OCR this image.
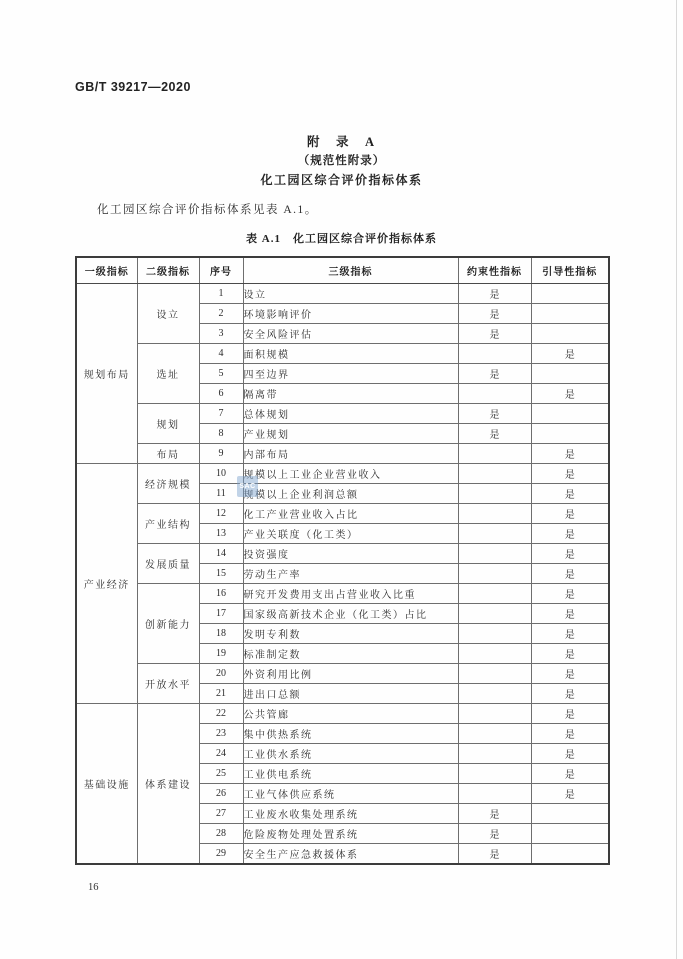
GB/T 39217—2020
附　录　A
（规范性附录）
化工园区综合评价指标体系
化工园区综合评价指标体系见表 A.1。
表 A.1　化工园区综合评价指标体系
一级指标	二级指标	序号	三级指标	约束性指标	引导性指标
规划布局	设立	1	设立	是	
		2	环境影响评价	是	
		3	安全风险评估	是	
	选址	4	面积规模		是
		5	四至边界	是	
		6	隔离带		是
	规划	7	总体规划	是	
		8	产业规划	是	
	布局	9	内部布局		是
产业经济	经济规模	10	规模以上工业企业营业收入		是
		11	规模以上企业利润总额		是
	产业结构	12	化工产业营业收入占比		是
		13	产业关联度（化工类）		是
	发展质量	14	投资强度		是
		15	劳动生产率		是
	创新能力	16	研究开发费用支出占营业收入比重		是
		17	国家级高新技术企业（化工类）占比		是
		18	发明专利数		是
		19	标准制定数		是
	开放水平	20	外资利用比例		是
		21	进出口总额		是
基础设施	体系建设	22	公共管廊		是
		23	集中供热系统		是
		24	工业供水系统		是
		25	工业供电系统		是
		26	工业气体供应系统		是
		27	工业废水收集处理系统	是	
		28	危险废物处理处置系统	是	
		29	安全生产应急救援体系	是	
SAC
16
